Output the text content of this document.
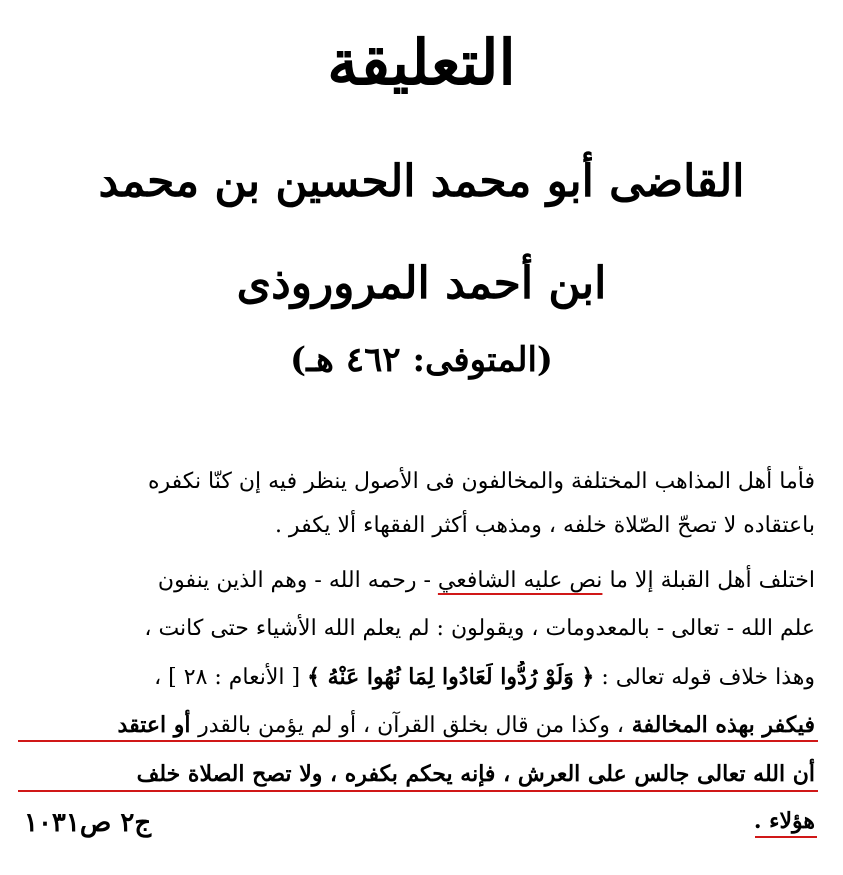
التعليقة
القاضى أبو محمد الحسين بن محمد
ابن أحمد المروروذى
(المتوفى: ٤٦٢ هـ)
فأما أهل المذاهب المختلفة والمخالفون فى الأصول ينظر فيه إن كنّا نكفره
باعتقاده لا تصحّ الصّلاة خلفه ، ومذهب أكثر الفقهاء ألا يكفر .
اختلف أهل القبلة إلا ما نص عليه الشافعي - رحمه الله - وهم الذين ينفون
علم الله - تعالى - بالمعدومات ، ويقولون : لم يعلم الله الأشياء حتى كانت ،
وهذا خلاف قوله تعالى : ﴿ وَلَوْ رُدُّوا لَعَادُوا لِمَا نُهُوا عَنْهُ ﴾ [ الأنعام : ٢٨ ] ،
فيكفر بهذه المخالفة ، وكذا من قال بخلق القرآن ، أو لم يؤمن بالقدر أو اعتقد
أن الله تعالى جالس على العرش ، فإنه يحكم بكفره ، ولا تصح الصلاة خلف
هؤلاء .
ج٢ ص١٠٣١
